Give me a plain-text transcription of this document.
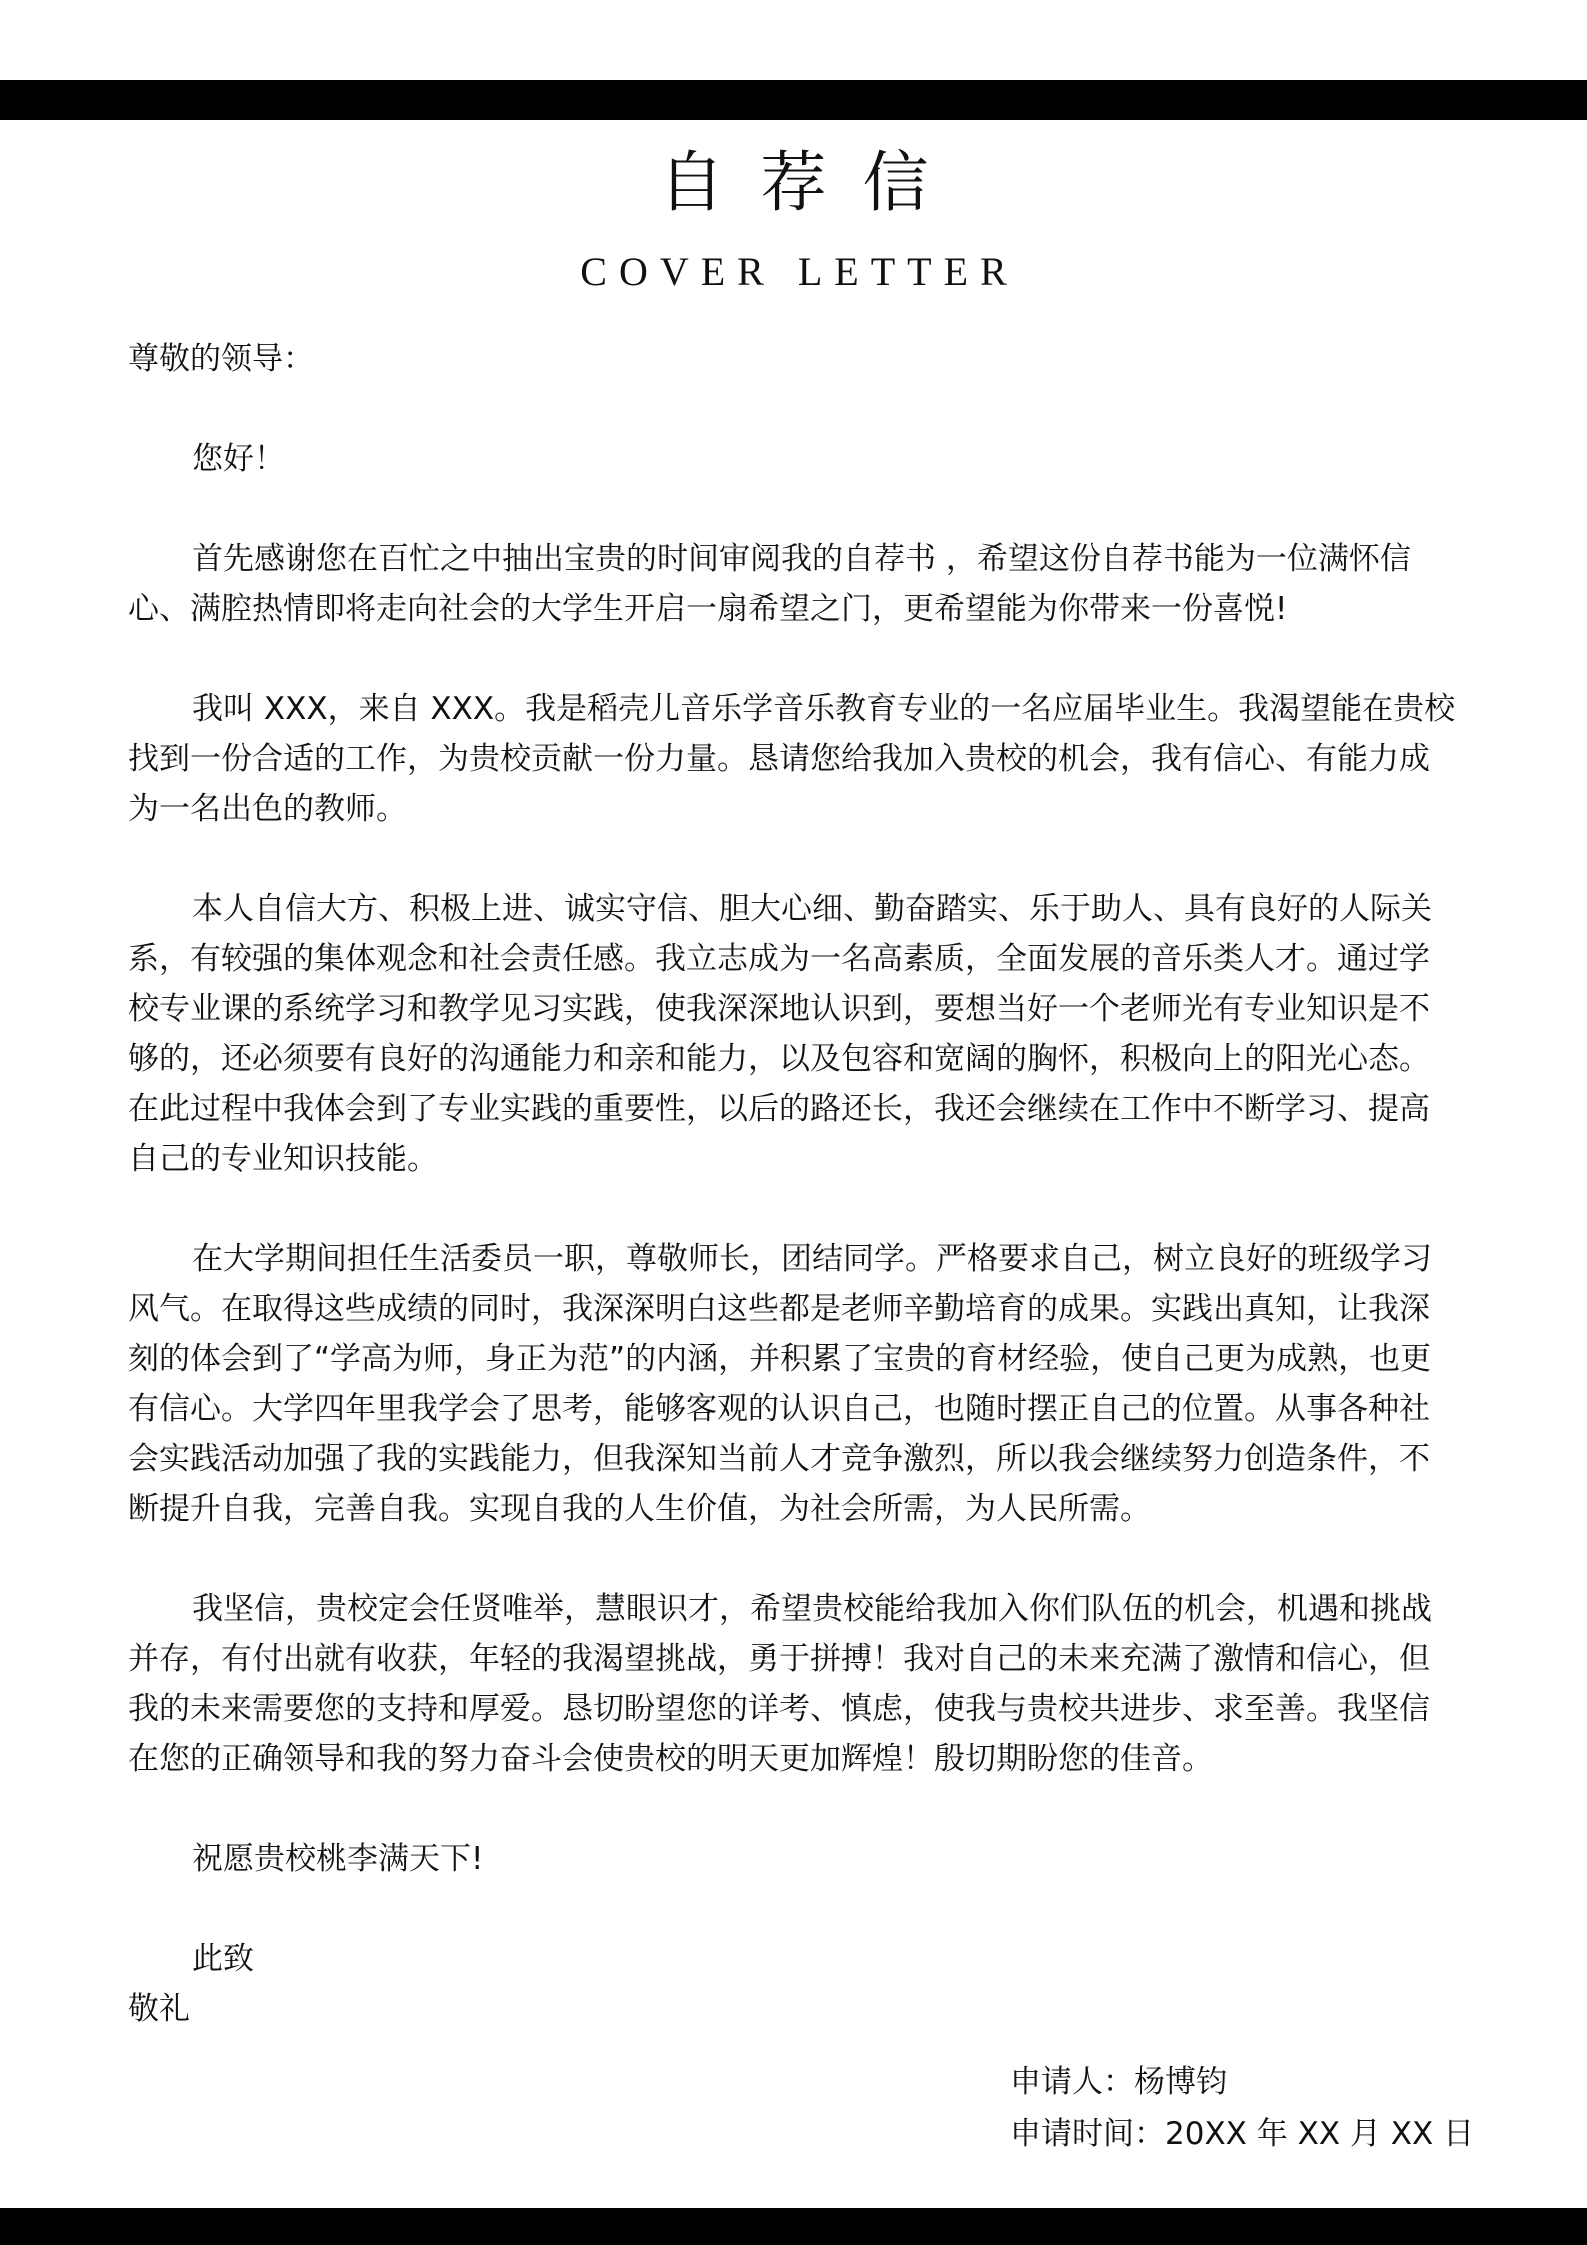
自荐信
COVER LETTER

尊敬的领导：

您好！

首先感谢您在百忙之中抽出宝贵的时间审阅我的自荐书 ，希望这份自荐书能为一位满怀信心、满腔热情即将走向社会的大学生开启一扇希望之门，更希望能为你带来一份喜悦!

我叫 XXX，来自 XXX。我是稻壳儿音乐学音乐教育专业的一名应届毕业生。我渴望能在贵校找到一份合适的工作，为贵校贡献一份力量。恳请您给我加入贵校的机会，我有信心、有能力成为一名出色的教师。

本人自信大方、积极上进、诚实守信、胆大心细、勤奋踏实、乐于助人、具有良好的人际关系，有较强的集体观念和社会责任感。我立志成为一名高素质，全面发展的音乐类人才。通过学校专业课的系统学习和教学见习实践，使我深深地认识到，要想当好一个老师光有专业知识是不够的，还必须要有良好的沟通能力和亲和能力，以及包容和宽阔的胸怀，积极向上的阳光心态。在此过程中我体会到了专业实践的重要性，以后的路还长，我还会继续在工作中不断学习、提高自己的专业知识技能。

在大学期间担任生活委员一职，尊敬师长，团结同学。严格要求自己，树立良好的班级学习风气。在取得这些成绩的同时，我深深明白这些都是老师辛勤培育的成果。实践出真知，让我深刻的体会到了“学高为师，身正为范”的内涵，并积累了宝贵的育材经验，使自己更为成熟，也更有信心。大学四年里我学会了思考，能够客观的认识自己，也随时摆正自己的位置。从事各种社会实践活动加强了我的实践能力，但我深知当前人才竞争激烈，所以我会继续努力创造条件，不断提升自我，完善自我。实现自我的人生价值，为社会所需，为人民所需。

我坚信，贵校定会任贤唯举，慧眼识才，希望贵校能给我加入你们队伍的机会，机遇和挑战并存，有付出就有收获，年轻的我渴望挑战，勇于拼搏！我对自己的未来充满了激情和信心，但我的未来需要您的支持和厚爱。恳切盼望您的详考、慎虑，使我与贵校共进步、求至善。我坚信在您的正确领导和我的努力奋斗会使贵校的明天更加辉煌！殷切期盼您的佳音。

祝愿贵校桃李满天下!

此致

敬礼

申请人：杨博钧
申请时间：20XX 年 XX 月 XX 日
